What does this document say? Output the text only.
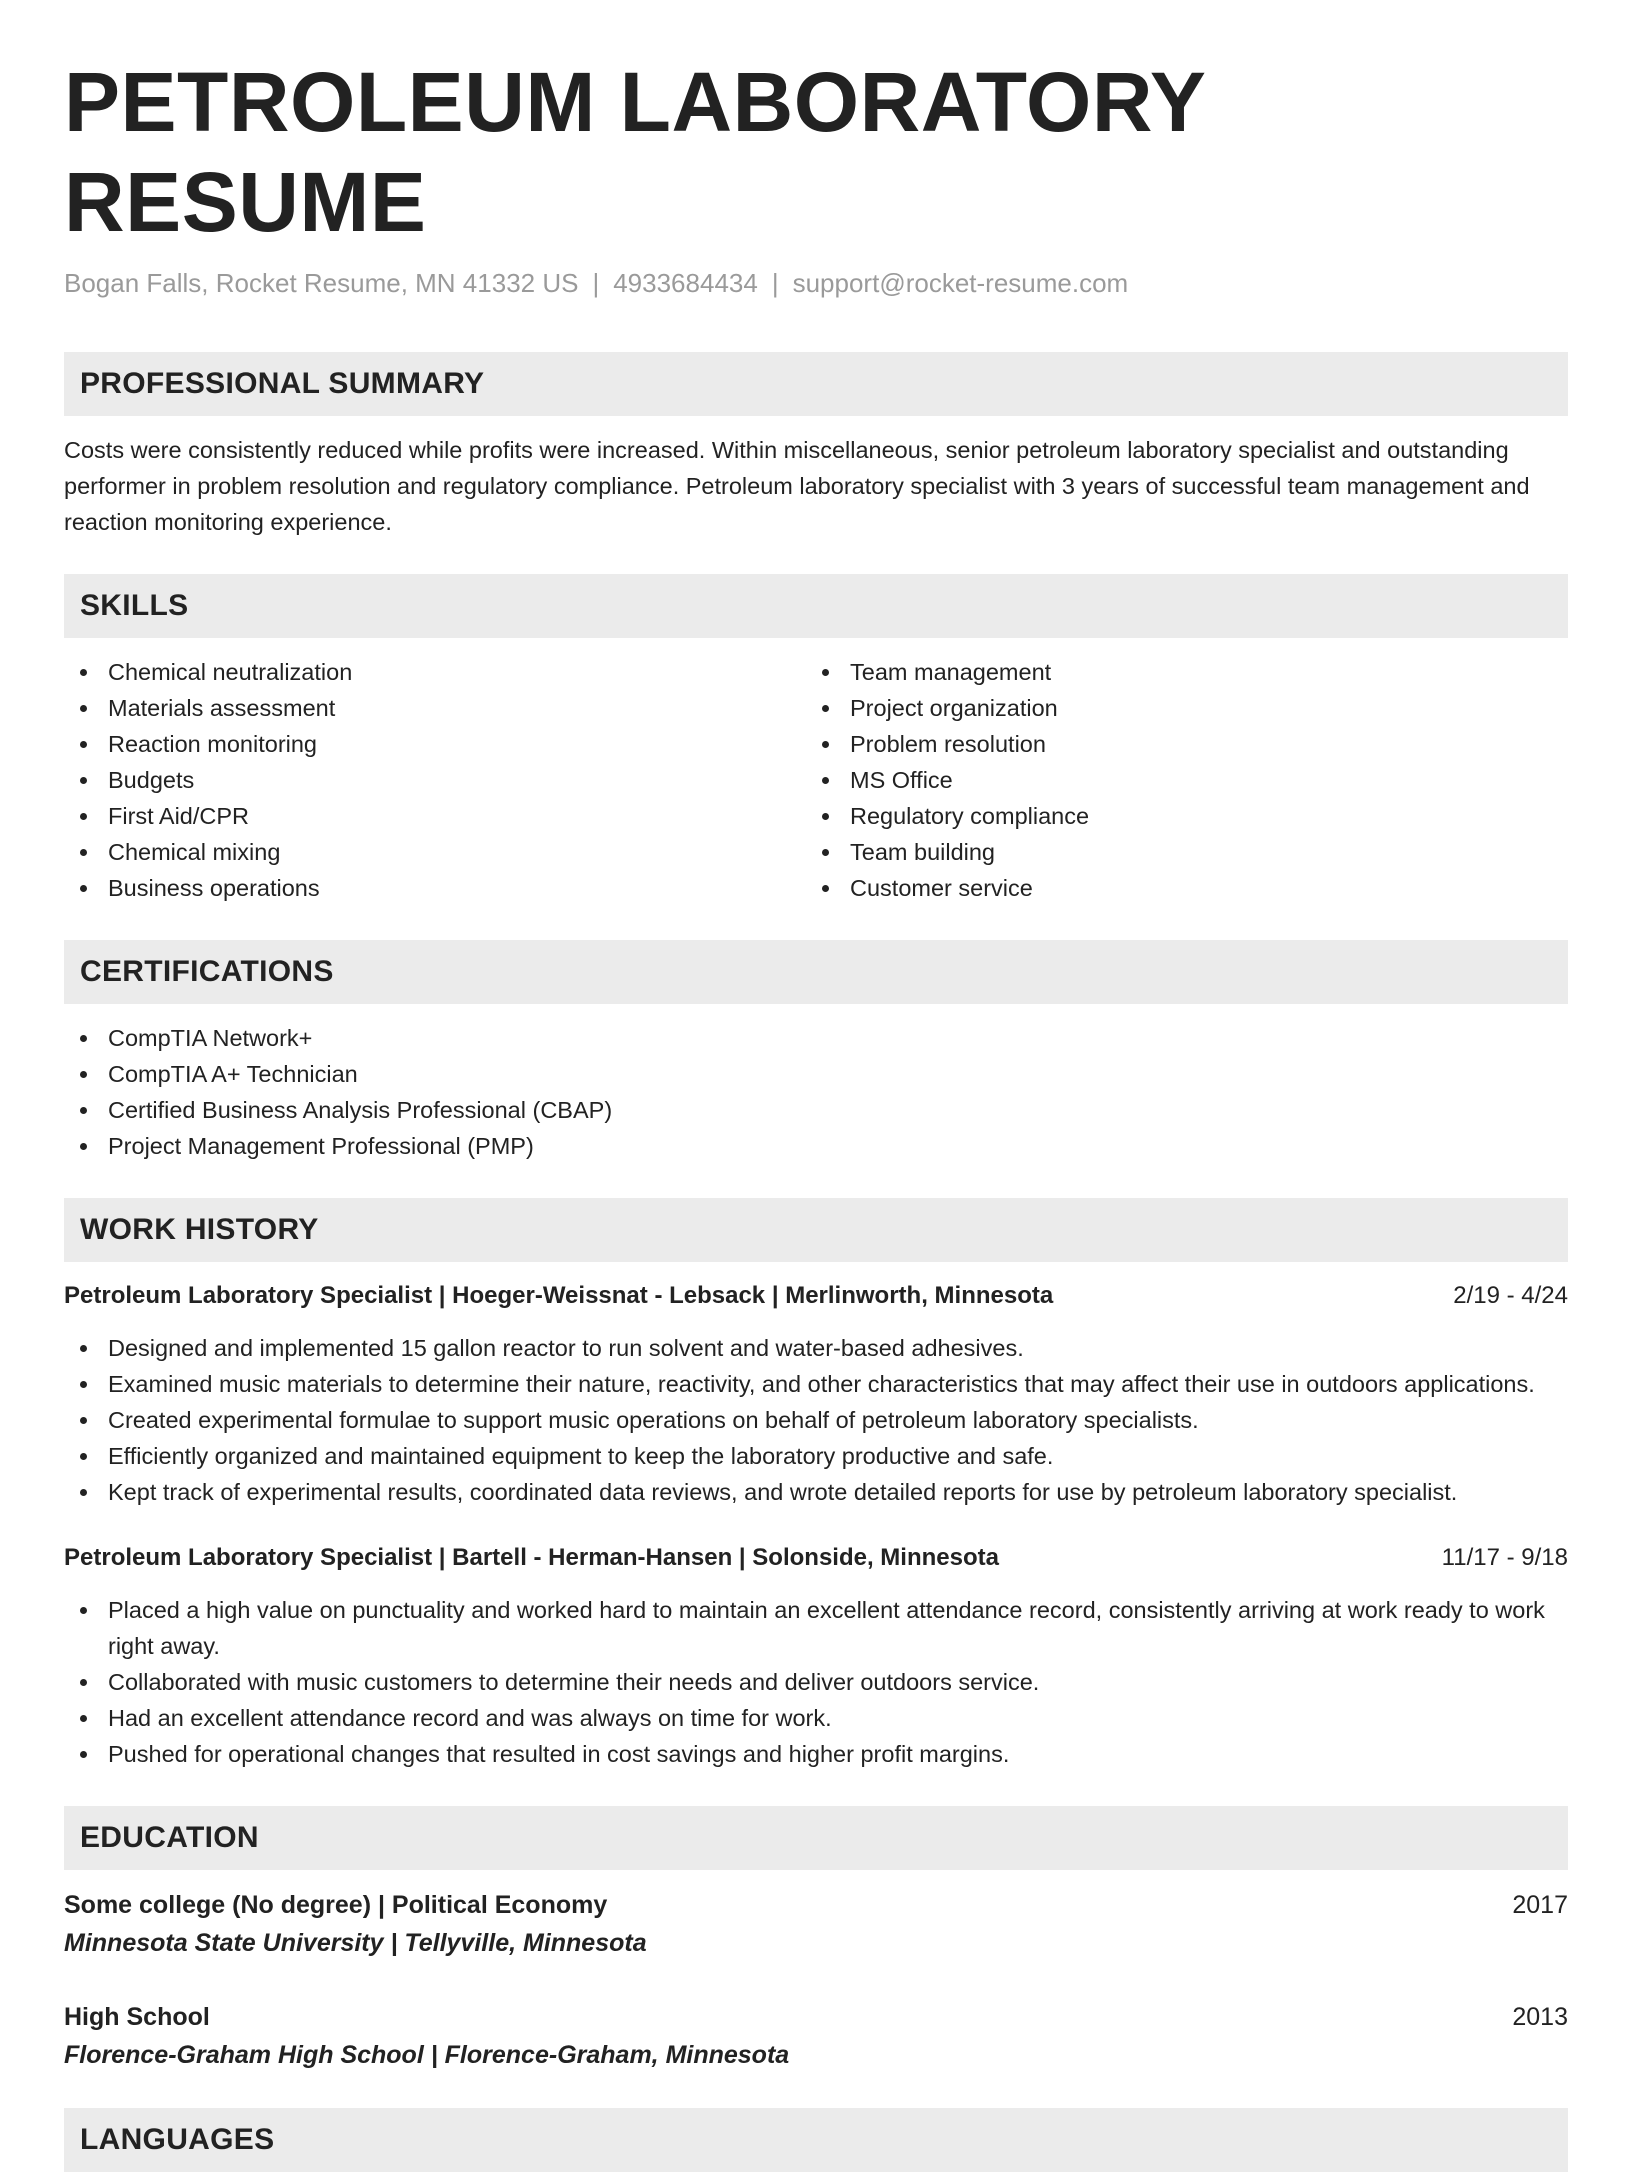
PETROLEUM LABORATORY RESUME
Bogan Falls, Rocket Resume, MN 41332 US | 4933684434 | support@rocket-resume.com
PROFESSIONAL SUMMARY

Costs were consistently reduced while profits were increased. Within miscellaneous, senior petroleum laboratory specialist and outstanding performer in problem resolution and regulatory compliance. Petroleum laboratory specialist with 3 years of successful team management and reaction monitoring experience.

SKILLS
Chemical neutralization
Materials assessment
Reaction monitoring
Budgets
First Aid/CPR
Chemical mixing
Business operations
Team management
Project organization
Problem resolution
MS Office
Regulatory compliance
Team building
Customer service
CERTIFICATIONS
CompTIA Network+
CompTIA A+ Technician
Certified Business Analysis Professional (CBAP)
Project Management Professional (PMP)
WORK HISTORY
Petroleum Laboratory Specialist | Hoeger-Weissnat - Lebsack | Merlinworth, Minnesota	2/19 - 4/24
Designed and implemented 15 gallon reactor to run solvent and water-based adhesives.
Examined music materials to determine their nature, reactivity, and other characteristics that may affect their use in outdoors applications.
Created experimental formulae to support music operations on behalf of petroleum laboratory specialists.
Efficiently organized and maintained equipment to keep the laboratory productive and safe.
Kept track of experimental results, coordinated data reviews, and wrote detailed reports for use by petroleum laboratory specialist.
Petroleum Laboratory Specialist | Bartell - Herman-Hansen | Solonside, Minnesota	11/17 - 9/18
Placed a high value on punctuality and worked hard to maintain an excellent attendance record, consistently arriving at work ready to work right away.
Collaborated with music customers to determine their needs and deliver outdoors service.
Had an excellent attendance record and was always on time for work.
Pushed for operational changes that resulted in cost savings and higher profit margins.
EDUCATION
Some college (No degree) | Political Economy	2017
Minnesota State University | Tellyville, Minnesota
High School	2013
Florence-Graham High School | Florence-Graham, Minnesota
LANGUAGES
